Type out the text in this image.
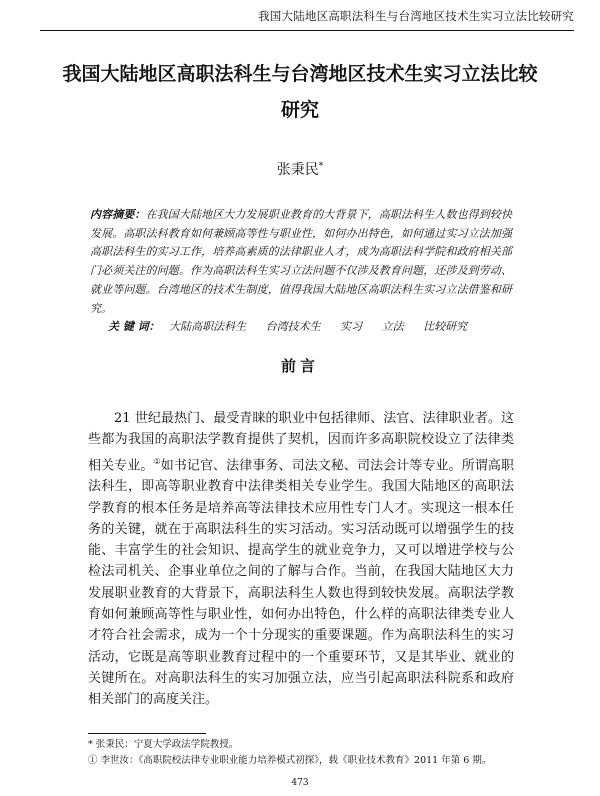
我国大陆地区高职法科生与台湾地区技术生实习立法比较研究
我国大陆地区高职法科生与台湾地区技术生实习立法比较研究
张秉民*
内容摘要：在我国大陆地区大力发展职业教育的大背景下，高职法科生人数也得到较快发展。高职法科教育如何兼顾高等性与职业性，如何办出特色，如何通过实习立法加强高职法科生的实习工作，培养高素质的法律职业人才，成为高职法科学院和政府相关部门必须关注的问题。作为高职法科生实习立法问题不仅涉及教育问题，还涉及到劳动、就业等问题。台湾地区的技术生制度，值得我国大陆地区高职法科生实习立法借鉴和研究。
关 键 词： 大陆高职法科生 台湾技术生 实习 立法 比较研究
前言

21 世纪最热门、最受青睐的职业中包括律师、法官、法律职业者。这些都为我国的高职法学教育提供了契机，因而许多高职院校设立了法律类相关专业。①如书记官、法律事务、司法文秘、司法会计等专业。所谓高职法科生，即高等职业教育中法律类相关专业学生。我国大陆地区的高职法学教育的根本任务是培养高等法律技术应用性专门人才。实现这一根本任务的关键，就在于高职法科生的实习活动。实习活动既可以增强学生的技能、丰富学生的社会知识、提高学生的就业竞争力，又可以增进学校与公检法司机关、企事业单位之间的了解与合作。当前，在我国大陆地区大力发展职业教育的大背景下，高职法科生人数也得到较快发展。高职法学教育如何兼顾高等性与职业性，如何办出特色，什么样的高职法律类专业人才符合社会需求，成为一个十分现实的重要课题。作为高职法科生的实习活动，它既是高等职业教育过程中的一个重要环节，又是其毕业、就业的关键所在。对高职法科生的实习加强立法，应当引起高职法科院系和政府相关部门的高度关注。

* 张秉民：宁夏大学政法学院教授。
① 李世汝：《高职院校法律专业职业能力培养模式初探》，载《职业技术教育》2011 年第 6 期。
473
